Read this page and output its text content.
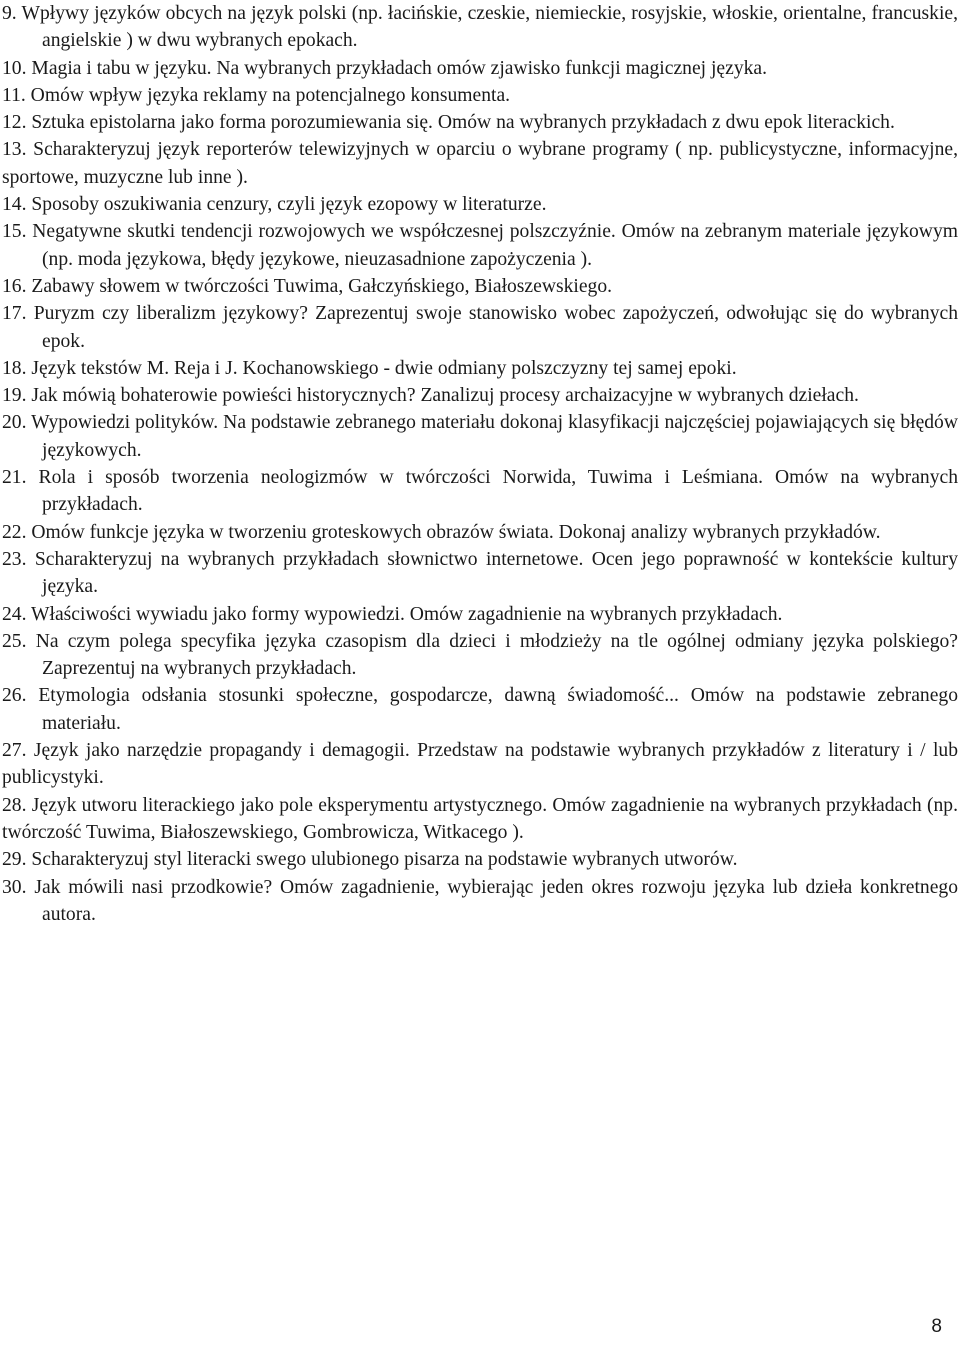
9. Wpływy języków obcych na język polski (np. łacińskie, czeskie, niemieckie, rosyjskie, włoskie, orientalne, francuskie, angielskie ) w dwu wybranych epokach.
10. Magia i tabu w języku. Na wybranych przykładach omów zjawisko funkcji magicznej języka.
11. Omów wpływ języka reklamy na potencjalnego konsumenta.
12. Sztuka epistolarna jako forma porozumiewania się. Omów na wybranych przykładach z dwu epok literackich.
13. Scharakteryzuj język reporterów telewizyjnych w oparciu o wybrane programy ( np. publicystyczne, informacyjne, sportowe, muzyczne lub inne ).
14. Sposoby oszukiwania cenzury, czyli język ezopowy w literaturze.
15. Negatywne skutki tendencji rozwojowych we współczesnej polszczyźnie. Omów na zebranym materiale językowym (np. moda językowa, błędy językowe, nieuzasadnione zapożyczenia ).
16. Zabawy słowem w twórczości Tuwima, Gałczyńskiego, Białoszewskiego.
17. Puryzm czy liberalizm językowy? Zaprezentuj swoje stanowisko wobec zapożyczeń, odwołując się do wybranych epok.
18. Język tekstów M. Reja i J. Kochanowskiego - dwie odmiany polszczyzny tej samej epoki.
19. Jak mówią bohaterowie powieści historycznych? Zanalizuj procesy archaizacyjne w wybranych dziełach.
20. Wypowiedzi polityków. Na podstawie zebranego materiału dokonaj klasyfikacji najczęściej pojawiających się błędów językowych.
21. Rola i sposób tworzenia neologizmów w twórczości Norwida, Tuwima i Leśmiana. Omów na wybranych przykładach.
22. Omów funkcje języka w tworzeniu groteskowych obrazów świata. Dokonaj analizy wybranych przykładów.
23. Scharakteryzuj na wybranych przykładach słownictwo internetowe. Ocen jego poprawność w kontekście kultury języka.
24. Właściwości wywiadu jako formy wypowiedzi. Omów zagadnienie na wybranych przykładach.
25. Na czym polega specyfika języka czasopism dla dzieci i młodzieży na tle ogólnej odmiany języka polskiego? Zaprezentuj na wybranych przykładach.
26. Etymologia odsłania stosunki społeczne, gospodarcze, dawną świadomość... Omów na podstawie zebranego materiału.
27. Język jako narzędzie propagandy i demagogii. Przedstaw na podstawie wybranych przykładów z literatury i / lub publicystyki.
28. Język utworu literackiego jako pole eksperymentu artystycznego. Omów zagadnienie na wybranych przykładach (np. twórczość Tuwima, Białoszewskiego, Gombrowicza, Witkacego ).
29. Scharakteryzuj styl literacki swego ulubionego pisarza na podstawie wybranych utworów.
30. Jak mówili nasi przodkowie? Omów zagadnienie, wybierając jeden okres rozwoju języka lub dzieła konkretnego autora.
8
